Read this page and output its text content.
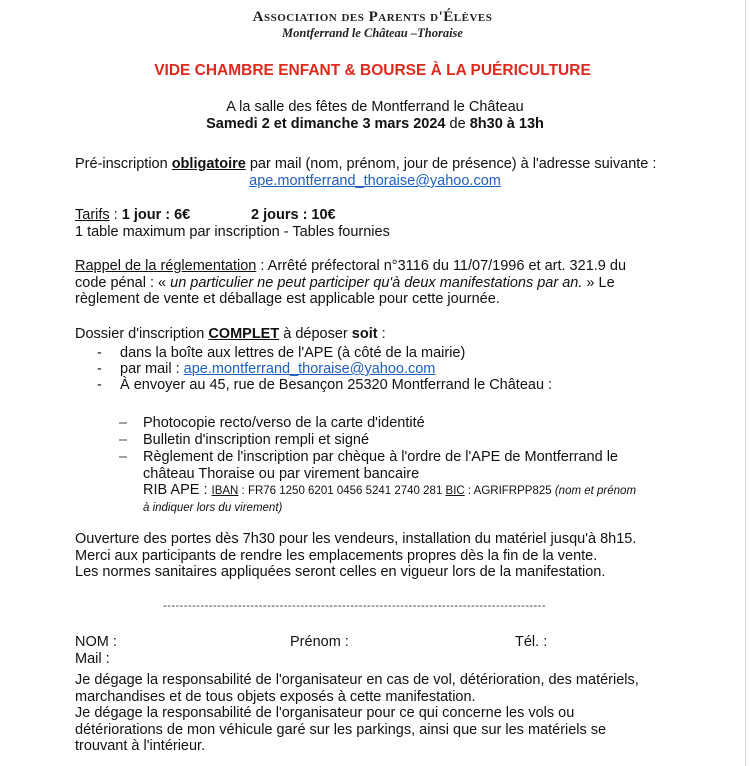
Association des Parents d'Élèves
Montferrand le Château –Thoraise
VIDE CHAMBRE ENFANT & BOURSE À LA PUÉRICULTURE
A la salle des fêtes de Montferrand le Château
Samedi 2 et dimanche 3 mars 2024 de 8h30 à 13h
Pré-inscription obligatoire par mail (nom, prénom, jour de présence) à l'adresse suivante :
ape.montferrand_thoraise@yahoo.com
Tarifs : 1 jour : 6€	2 jours : 10€
1 table maximum par inscription - Tables fournies
Rappel de la réglementation : Arrêté préfectoral n°3116 du 11/07/1996 et art. 321.9 du
code pénal : « un particulier ne peut participer qu'à deux manifestations par an. » Le
règlement de vente et déballage est applicable pour cette journée.
Dossier d'inscription COMPLET à déposer soit :
- dans la boîte aux lettres de l'APE (à côté de la mairie)
- par mail : ape.montferrand_thoraise@yahoo.com
- À envoyer au 45, rue de Besançon 25320 Montferrand le Château :
– Photocopie recto/verso de la carte d'identité
– Bulletin d'inscription rempli et signé
– Règlement de l'inscription par chèque à l'ordre de l'APE de Montferrand le
château Thoraise ou par virement bancaire
RIB APE : IBAN : FR76 1250 6201 0456 5241 2740 281 BIC : AGRIFRPP825 (nom et prénom
à indiquer lors du virement)
Ouverture des portes dès 7h30 pour les vendeurs, installation du matériel jusqu'à 8h15.
Merci aux participants de rendre les emplacements propres dès la fin de la vente.
Les normes sanitaires appliquées seront celles en vigueur lors de la manifestation.
--------------------------------------------------------------------------------------------
NOM :	Prénom :	Tél. :
Mail :
Je dégage la responsabilité de l'organisateur en cas de vol, détérioration, des matériels,
marchandises et de tous objets exposés à cette manifestation.
Je dégage la responsabilité de l'organisateur pour ce qui concerne les vols ou
détériorations de mon véhicule garé sur les parkings, ainsi que sur les matériels se
trouvant à l'intérieur.
